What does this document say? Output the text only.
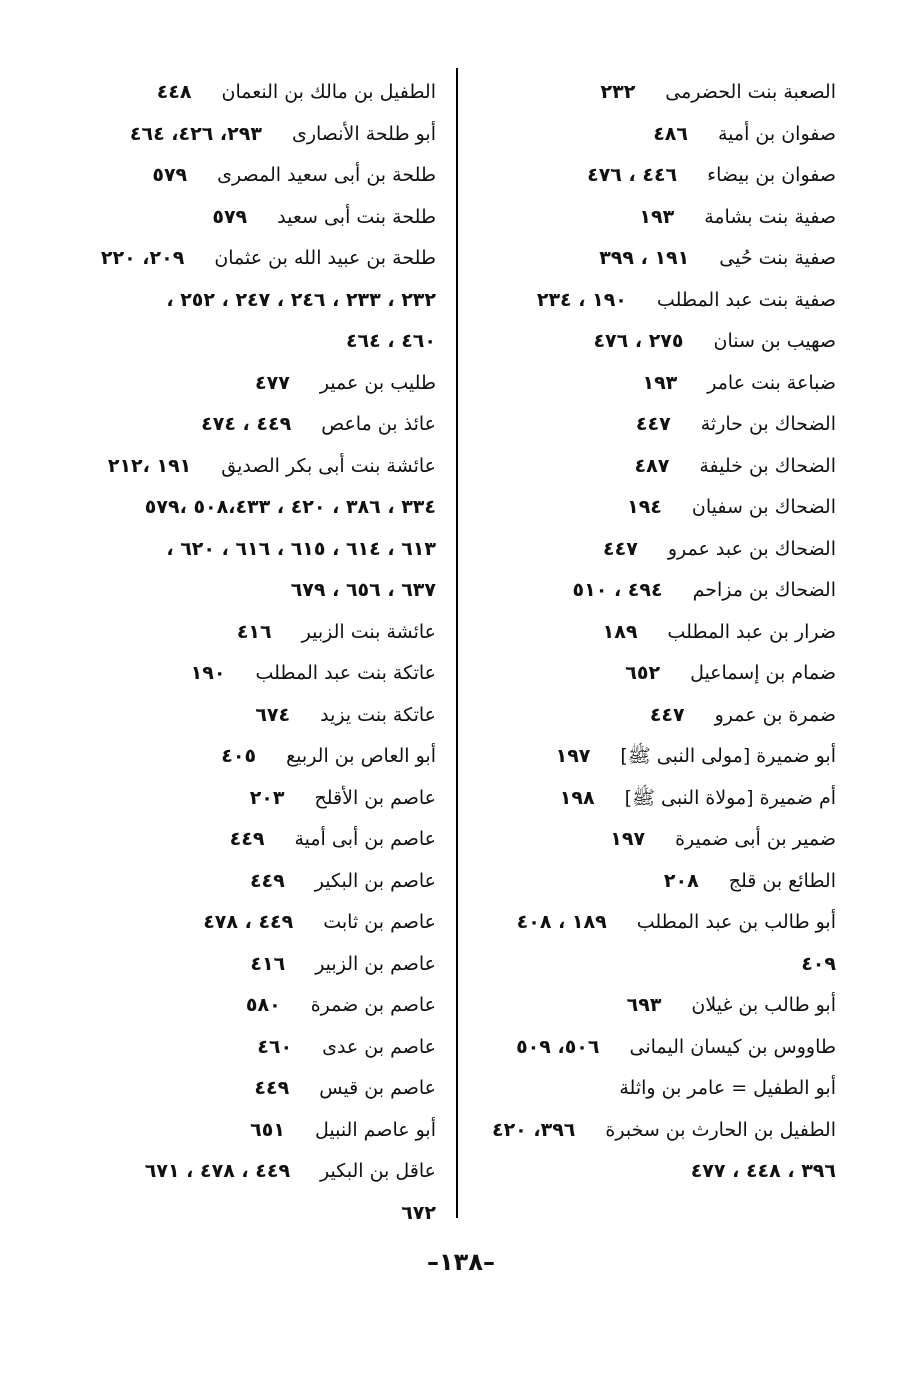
الصعبة بنت الحضرمى٢٣٢
صفوان بن أمية٤٨٦
صفوان بن بيضاء٤٤٦ ، ٤٧٦
صفية بنت بشامة١٩٣
صفية بنت حُيى١٩١ ، ٣٩٩
صفية بنت عبد المطلب١٩٠ ، ٢٣٤
صهيب بن سنان٢٧٥ ، ٤٧٦
ضباعة بنت عامر١٩٣
الضحاك بن حارثة٤٤٧
الضحاك بن خليفة٤٨٧
الضحاك بن سفيان١٩٤
الضحاك بن عبد عمرو٤٤٧
الضحاك بن مزاحم٤٩٤ ، ٥١٠
ضرار بن عبد المطلب١٨٩
ضمام بن إسماعيل٦٥٢
ضمرة بن عمرو٤٤٧
أبو ضميرة [مولى النبى ﷺ]١٩٧
أم ضميرة [مولاة النبى ﷺ]١٩٨
ضمير بن أبى ضميرة١٩٧
الطائع بن قلج٢٠٨
أبو طالب بن عبد المطلب١٨٩ ، ٤٠٨
٤٠٩
أبو طالب بن غيلان٦٩٣
طاووس بن كيسان اليمانى٥٠٦، ٥٠٩
أبو الطفيل = عامر بن واثلة
الطفيل بن الحارث بن سخبرة٣٩٦، ٤٢٠
٣٩٦ ، ٤٤٨ ، ٤٧٧
الطفيل بن مالك بن النعمان٤٤٨
أبو طلحة الأنصارى٢٩٣، ٤٢٦، ٤٦٤
طلحة بن أبى سعيد المصرى٥٧٩
طلحة بنت أبى سعيد٥٧٩
طلحة بن عبيد الله بن عثمان٢٠٩، ٢٢٠
٢٣٢ ، ٢٣٣ ، ٢٤٦ ، ٢٤٧ ، ٢٥٢ ،
٤٦٠ ، ٤٦٤
طليب بن عمير٤٧٧
عائذ بن ماعص٤٤٩ ، ٤٧٤
عائشة بنت أبى بكر الصديق١٩١ ،٢١٢
٣٣٤ ، ٣٨٦ ، ٤٢٠ ، ٥٠٨،٤٣٣ ،٥٧٩
٦١٣ ، ٦١٤ ، ٦١٥ ، ٦١٦ ، ٦٢٠ ،
٦٣٧ ، ٦٥٦ ، ٦٧٩
عائشة بنت الزبير٤١٦
عاتكة بنت عبد المطلب١٩٠
عاتكة بنت يزيد٦٧٤
أبو العاص بن الربيع٤٠٥
عاصم بن الأقلح٢٠٣
عاصم بن أبى أمية٤٤٩
عاصم بن البكير٤٤٩
عاصم بن ثابت٤٤٩ ، ٤٧٨
عاصم بن الزبير٤١٦
عاصم بن ضمرة٥٨٠
عاصم بن عدى٤٦٠
عاصم بن قيس٤٤٩
أبو عاصم النبيل٦٥١
عاقل بن البكير٤٤٩ ، ٤٧٨ ، ٦٧١
٦٧٢
–١٣٨–
